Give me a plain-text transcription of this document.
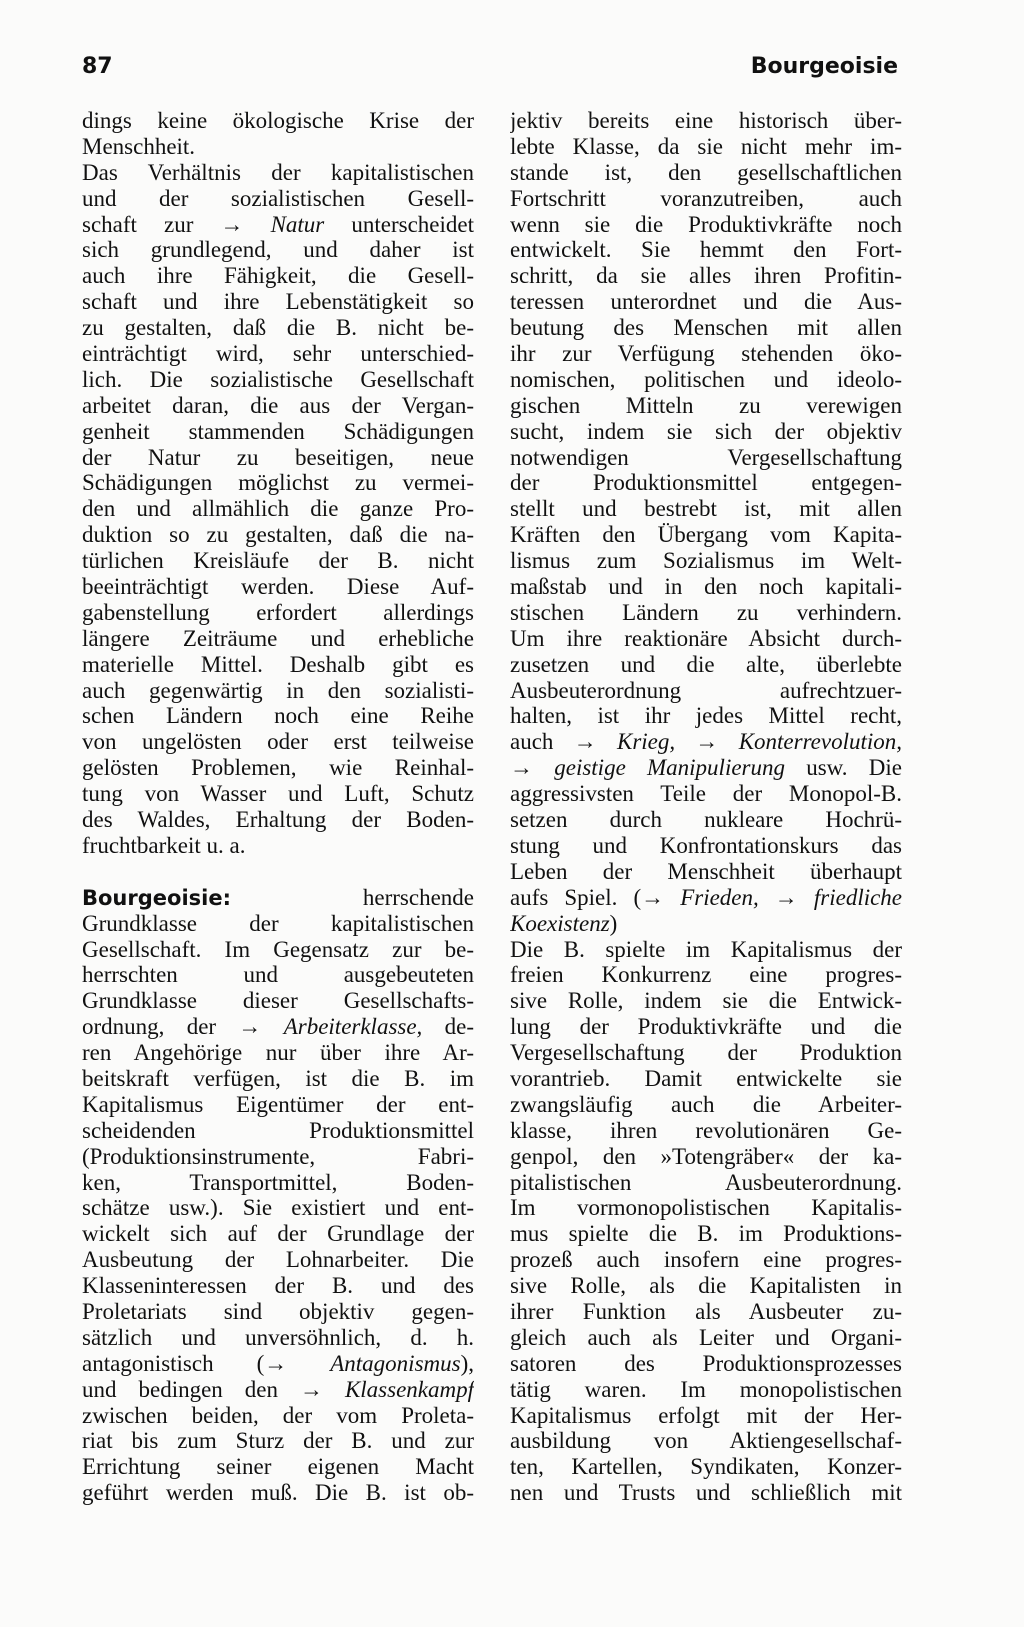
87	Bourgeoisie
dings keine ökologische Krise der
Menschheit.
Das Verhältnis der kapitalistischen
und der sozialistischen Gesell-
schaft zur → Natur unterscheidet
sich grundlegend, und daher ist
auch ihre Fähigkeit, die Gesell-
schaft und ihre Lebenstätigkeit so
zu gestalten, daß die B. nicht be-
einträchtigt wird, sehr unterschied-
lich. Die sozialistische Gesellschaft
arbeitet daran, die aus der Vergan-
genheit stammenden Schädigungen
der Natur zu beseitigen, neue
Schädigungen möglichst zu vermei-
den und allmählich die ganze Pro-
duktion so zu gestalten, daß die na-
türlichen Kreisläufe der B. nicht
beeinträchtigt werden. Diese Auf-
gabenstellung erfordert allerdings
längere Zeiträume und erhebliche
materielle Mittel. Deshalb gibt es
auch gegenwärtig in den sozialisti-
schen Ländern noch eine Reihe
von ungelösten oder erst teilweise
gelösten Problemen, wie Reinhal-
tung von Wasser und Luft, Schutz
des Waldes, Erhaltung der Boden-
fruchtbarkeit u. a.
Bourgeoisie:	herrschende
Grundklasse der kapitalistischen
Gesellschaft. Im Gegensatz zur be-
herrschten und ausgebeuteten
Grundklasse dieser Gesellschafts-
ordnung, der → Arbeiterklasse, de-
ren Angehörige nur über ihre Ar-
beitskraft verfügen, ist die B. im
Kapitalismus Eigentümer der ent-
scheidenden Produktionsmittel
(Produktionsinstrumente, Fabri-
ken, Transportmittel, Boden-
schätze usw.). Sie existiert und ent-
wickelt sich auf der Grundlage der
Ausbeutung der Lohnarbeiter. Die
Klasseninteressen der B. und des
Proletariats sind objektiv gegen-
sätzlich und unversöhnlich, d. h.
antagonistisch (→ Antagonismus),
und bedingen den → Klassenkampf
zwischen beiden, der vom Proleta-
riat bis zum Sturz der B. und zur
Errichtung seiner eigenen Macht
geführt werden muß. Die B. ist ob-
jektiv bereits eine historisch über-
lebte Klasse, da sie nicht mehr im-
stande ist, den gesellschaftlichen
Fortschritt voranzutreiben, auch
wenn sie die Produktivkräfte noch
entwickelt. Sie hemmt den Fort-
schritt, da sie alles ihren Profitin-
teressen unterordnet und die Aus-
beutung des Menschen mit allen
ihr zur Verfügung stehenden öko-
nomischen, politischen und ideolo-
gischen Mitteln zu verewigen
sucht, indem sie sich der objektiv
notwendigen Vergesellschaftung
der Produktionsmittel entgegen-
stellt und bestrebt ist, mit allen
Kräften den Übergang vom Kapita-
lismus zum Sozialismus im Welt-
maßstab und in den noch kapitali-
stischen Ländern zu verhindern.
Um ihre reaktionäre Absicht durch-
zusetzen und die alte, überlebte
Ausbeuterordnung aufrechtzuer-
halten, ist ihr jedes Mittel recht,
auch → Krieg, → Konterrevolution,
→ geistige Manipulierung usw. Die
aggressivsten Teile der Monopol-B.
setzen durch nukleare Hochrü-
stung und Konfrontationskurs das
Leben der Menschheit überhaupt
aufs Spiel. (→ Frieden, → friedliche
Koexistenz)
Die B. spielte im Kapitalismus der
freien Konkurrenz eine progres-
sive Rolle, indem sie die Entwick-
lung der Produktivkräfte und die
Vergesellschaftung der Produktion
vorantrieb. Damit entwickelte sie
zwangsläufig auch die Arbeiter-
klasse, ihren revolutionären Ge-
genpol, den »Totengräber« der ka-
pitalistischen Ausbeuterordnung.
Im vormonopolistischen Kapitalis-
mus spielte die B. im Produktions-
prozeß auch insofern eine progres-
sive Rolle, als die Kapitalisten in
ihrer Funktion als Ausbeuter zu-
gleich auch als Leiter und Organi-
satoren des Produktionsprozesses
tätig waren. Im monopolistischen
Kapitalismus erfolgt mit der Her-
ausbildung von Aktiengesellschaf-
ten, Kartellen, Syndikaten, Konzer-
nen und Trusts und schließlich mit
